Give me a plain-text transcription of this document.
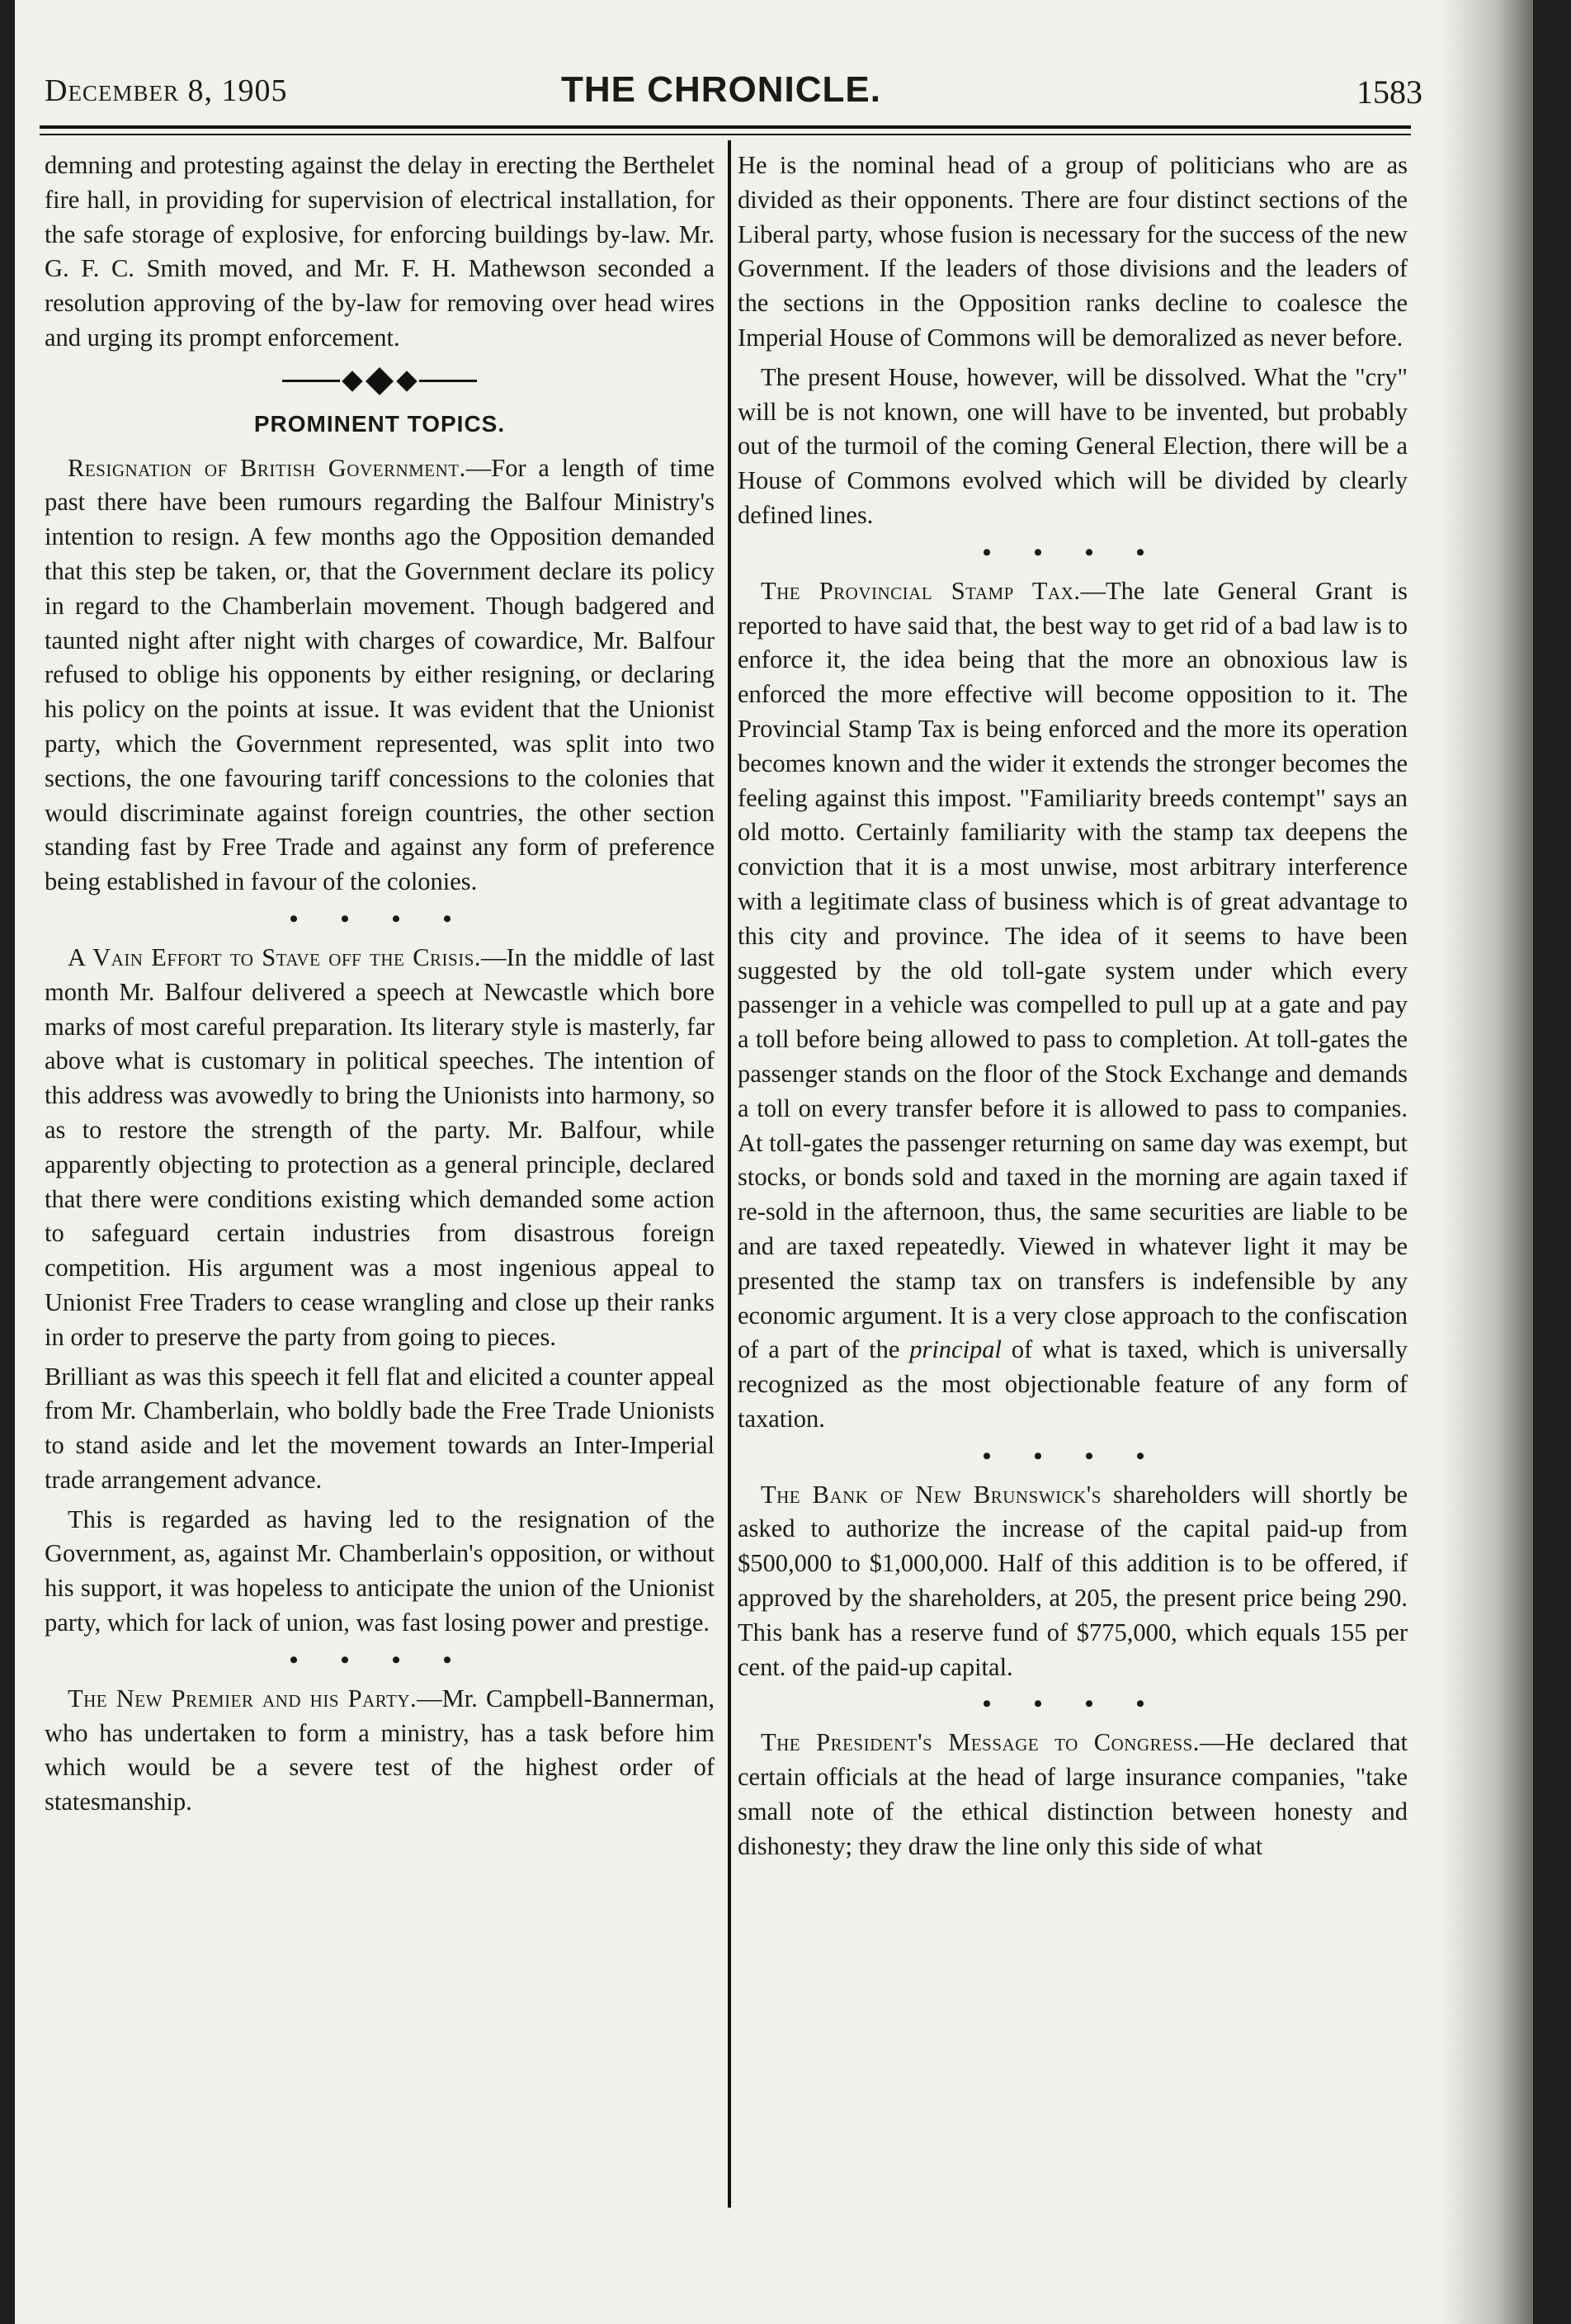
December 8, 1905	THE CHRONICLE.	1583

demning and protesting against the delay in erecting the Berthelet fire hall, in providing for supervision of electrical installation, for the safe storage of explosive, for enforcing buildings by-law. Mr. G. F. C. Smith moved, and Mr. F. H. Mathewson seconded a resolution approving of the by-law for removing over head wires and urging its prompt enforcement.

PROMINENT TOPICS.

Resignation of British Government.—For a length of time past there have been rumours regarding the Balfour Ministry's intention to resign. A few months ago the Opposition demanded that this step be taken, or, that the Government declare its policy in regard to the Chamberlain movement. Though badgered and taunted night after night with charges of cowardice, Mr. Balfour refused to oblige his opponents by either resigning, or declaring his policy on the points at issue. It was evident that the Unionist party, which the Government represented, was split into two sections, the one favouring tariff concessions to the colonies that would discriminate against foreign countries, the other section standing fast by Free Trade and against any form of preference being established in favour of the colonies.

• • • •

A Vain Effort to Stave off the Crisis.—In the middle of last month Mr. Balfour delivered a speech at Newcastle which bore marks of most careful preparation. Its literary style is masterly, far above what is customary in political speeches. The intention of this address was avowedly to bring the Unionists into harmony, so as to restore the strength of the party. Mr. Balfour, while apparently objecting to protection as a general principle, declared that there were conditions existing which demanded some action to safeguard certain industries from disastrous foreign competition. His argument was a most ingenious appeal to Unionist Free Traders to cease wrangling and close up their ranks in order to preserve the party from going to pieces.

Brilliant as was this speech it fell flat and elicited a counter appeal from Mr. Chamberlain, who boldly bade the Free Trade Unionists to stand aside and let the movement towards an Inter-Imperial trade arrangement advance.

This is regarded as having led to the resignation of the Government, as, against Mr. Chamberlain's opposition, or without his support, it was hopeless to anticipate the union of the Unionist party, which for lack of union, was fast losing power and prestige.

• • • •

The New Premier and his Party.—Mr. Campbell-Bannerman, who has undertaken to form a ministry, has a task before him which would be a severe test of the highest order of statesmanship.

He is the nominal head of a group of politicians who are as divided as their opponents. There are four distinct sections of the Liberal party, whose fusion is necessary for the success of the new Government. If the leaders of those divisions and the leaders of the sections in the Opposition ranks decline to coalesce the Imperial House of Commons will be demoralized as never before.

The present House, however, will be dissolved. What the "cry" will be is not known, one will have to be invented, but probably out of the turmoil of the coming General Election, there will be a House of Commons evolved which will be divided by clearly defined lines.

• • • •

The Provincial Stamp Tax.—The late General Grant is reported to have said that, the best way to get rid of a bad law is to enforce it, the idea being that the more an obnoxious law is enforced the more effective will become opposition to it. The Provincial Stamp Tax is being enforced and the more its operation becomes known and the wider it extends the stronger becomes the feeling against this impost. "Familiarity breeds contempt" says an old motto. Certainly familiarity with the stamp tax deepens the conviction that it is a most unwise, most arbitrary interference with a legitimate class of business which is of great advantage to this city and province. The idea of it seems to have been suggested by the old toll-gate system under which every passenger in a vehicle was compelled to pull up at a gate and pay a toll before being allowed to pass to completion. At toll-gates the passenger stands on the floor of the Stock Exchange and demands a toll on every transfer before it is allowed to pass to companies. At toll-gates the passenger returning on same day was exempt, but stocks, or bonds sold and taxed in the morning are again taxed if re-sold in the afternoon, thus, the same securities are liable to be and are taxed repeatedly. Viewed in whatever light it may be presented the stamp tax on transfers is indefensible by any economic argument. It is a very close approach to the confiscation of a part of the principal of what is taxed, which is universally recognized as the most objectionable feature of any form of taxation.

• • • •

The Bank of New Brunswick's shareholders will shortly be asked to authorize the increase of the capital paid-up from $500,000 to $1,000,000. Half of this addition is to be offered, if approved by the shareholders, at 205, the present price being 290. This bank has a reserve fund of $775,000, which equals 155 per cent. of the paid-up capital.

• • • •

The President's Message to Congress.—He declared that certain officials at the head of large insurance companies, "take small note of the ethical distinction between honesty and dishonesty; they draw the line only this side of what
